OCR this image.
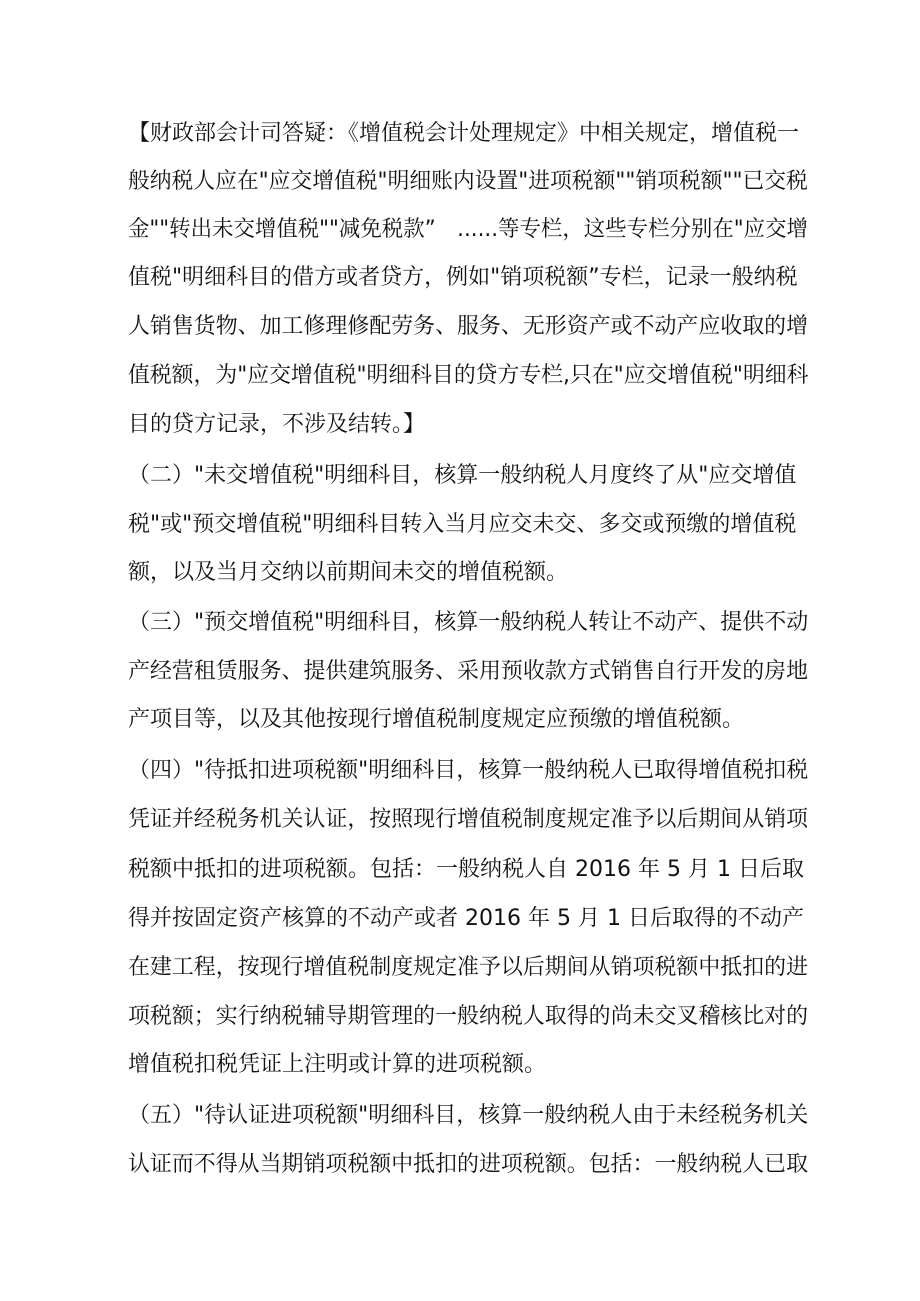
【财政部会计司答疑：《增值税会计处理规定》中相关规定，增值税一
般纳税人应在"应交增值税"明细账内设置"进项税额""销项税额""已交税
金""转出未交增值税""减免税款”　......等专栏，这些专栏分别在"应交增
值税"明细科目的借方或者贷方，例如"销项税额”专栏，记录一般纳税
人销售货物、加工修理修配劳务、服务、无形资产或不动产应收取的增
值税额，为"应交增值税"明细科目的贷方专栏,只在"应交增值税"明细科
目的贷方记录，不涉及结转。】
（二）"未交增值税"明细科目，核算一般纳税人月度终了从"应交增值
税"或"预交增值税"明细科目转入当月应交未交、多交或预缴的增值税
额，以及当月交纳以前期间未交的增值税额。
（三）"预交增值税"明细科目，核算一般纳税人转让不动产、提供不动
产经营租赁服务、提供建筑服务、采用预收款方式销售自行开发的房地
产项目等，以及其他按现行增值税制度规定应预缴的增值税额。
（四）"待抵扣进项税额"明细科目，核算一般纳税人已取得增值税扣税
凭证并经税务机关认证，按照现行增值税制度规定准予以后期间从销项
税额中抵扣的进项税额。包括：一般纳税人自 2016 年 5 月 1 日后取
得并按固定资产核算的不动产或者 2016 年 5 月 1 日后取得的不动产
在建工程，按现行增值税制度规定准予以后期间从销项税额中抵扣的进
项税额；实行纳税辅导期管理的一般纳税人取得的尚未交叉稽核比对的
增值税扣税凭证上注明或计算的进项税额。
（五）"待认证进项税额"明细科目，核算一般纳税人由于未经税务机关
认证而不得从当期销项税额中抵扣的进项税额。包括：一般纳税人已取
